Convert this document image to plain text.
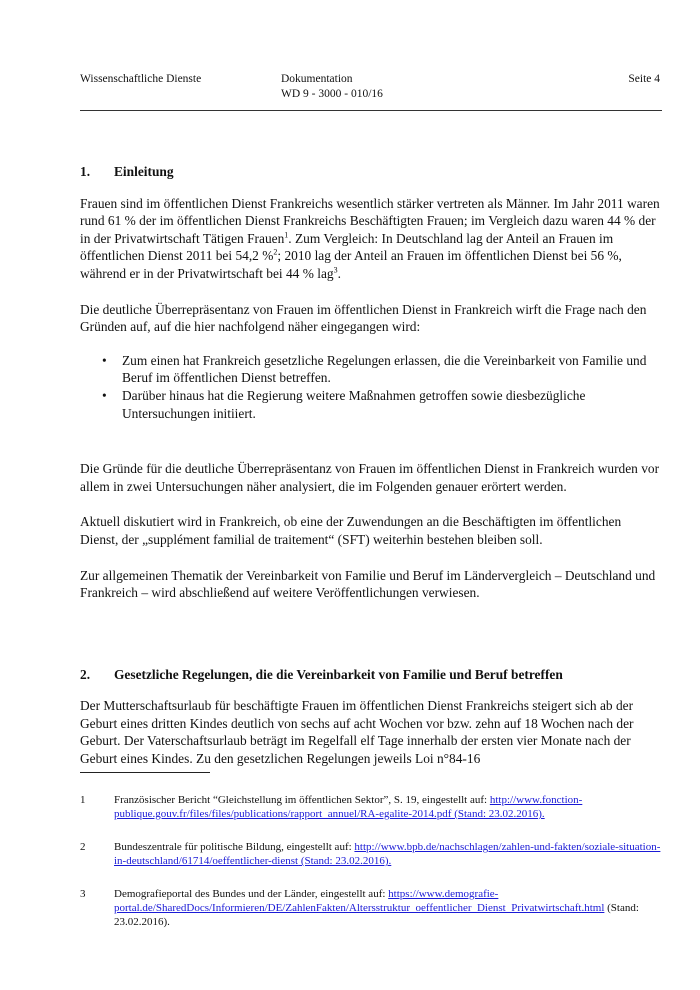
Wissenschaftliche Dienste	Dokumentation
WD 9 - 3000 - 010/16
Seite 4
1. Einleitung

Frauen sind im öffentlichen Dienst Frankreichs wesentlich stärker vertreten als Männer. Im Jahr 2011 waren rund 61 % der im öffentlichen Dienst Frankreichs Beschäftigten Frauen; im Vergleich dazu waren 44 % der in der Privatwirtschaft Tätigen Frauen$^1$. Zum Vergleich: In Deutschland lag der Anteil an Frauen im öffentlichen Dienst 2011 bei 54,2 %$^2$; 2010 lag der Anteil an Frauen im öffentlichen Dienst bei 56 %, während er in der Privatwirtschaft bei 44 % lag$^3$.

Die deutliche Überrepräsentanz von Frauen im öffentlichen Dienst in Frankreich wirft die Frage nach den Gründen auf, auf die hier nachfolgend näher eingegangen wird:

• Zum einen hat Frankreich gesetzliche Regelungen erlassen, die die Vereinbarkeit von Familie und Beruf im öffentlichen Dienst betreffen.
• Darüber hinaus hat die Regierung weitere Maßnahmen getroffen sowie diesbezügliche Untersuchungen initiiert.

Die Gründe für die deutliche Überrepräsentanz von Frauen im öffentlichen Dienst in Frankreich wurden vor allem in zwei Untersuchungen näher analysiert, die im Folgenden genauer erörtert werden.

Aktuell diskutiert wird in Frankreich, ob eine der Zuwendungen an die Beschäftigten im öffentlichen Dienst, der „supplément familial de traitement“ (SFT) weiterhin bestehen bleiben soll.

Zur allgemeinen Thematik der Vereinbarkeit von Familie und Beruf im Ländervergleich – Deutschland und Frankreich – wird abschließend auf weitere Veröffentlichungen verwiesen.

2. Gesetzliche Regelungen, die die Vereinbarkeit von Familie und Beruf betreffen

Der Mutterschaftsurlaub für beschäftigte Frauen im öffentlichen Dienst Frankreichs steigert sich ab der Geburt eines dritten Kindes deutlich von sechs auf acht Wochen vor bzw. zehn auf 18 Wochen nach der Geburt. Der Vaterschaftsurlaub beträgt im Regelfall elf Tage innerhalb der ersten vier Monate nach der Geburt eines Kindes. Zu den gesetzlichen Regelungen jeweils Loi n°84-16

1	Französischer Bericht “Gleichstellung im öffentlichen Sektor”, S. 19, eingestellt auf: http://www.fonction-publique.gouv.fr/files/files/publications/rapport_annuel/RA-egalite-2014.pdf (Stand: 23.02.2016).
2	Bundeszentrale für politische Bildung, eingestellt auf: http://www.bpb.de/nachschlagen/zahlen-und-fakten/soziale-situation-in-deutschland/61714/oeffentlicher-dienst (Stand: 23.02.2016).
3	Demografieportal des Bundes und der Länder, eingestellt auf: https://www.demografie-portal.de/SharedDocs/Informieren/DE/ZahlenFakten/Altersstruktur_oeffentlicher_Dienst_Privatwirtschaft.html (Stand: 23.02.2016).
